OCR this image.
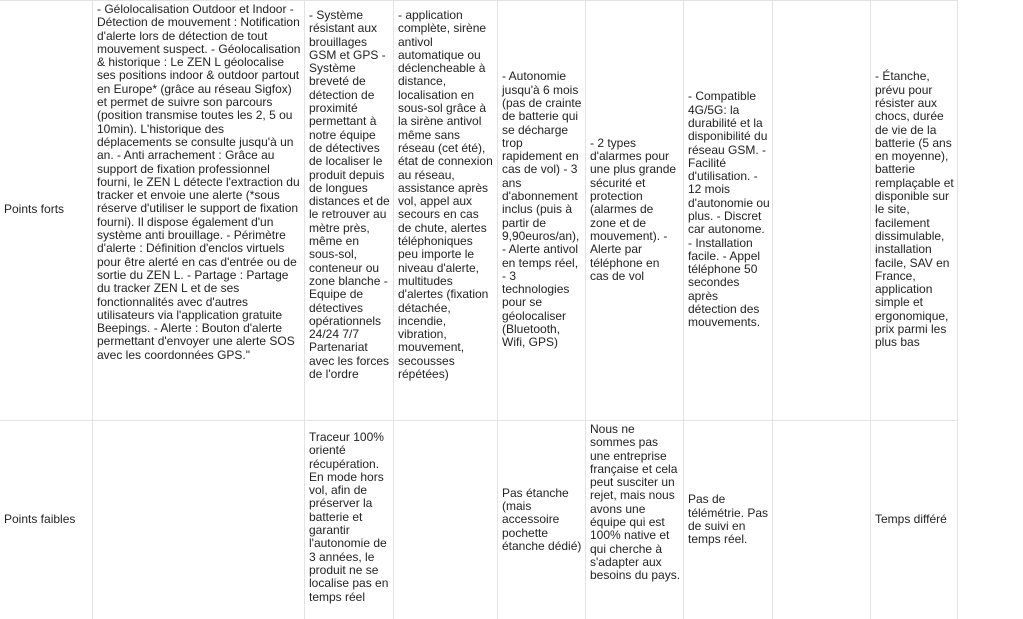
Points forts
- Gélolocalisation Outdoor et Indoor - Détection de mouvement : Notification d'alerte lors de détection de tout mouvement suspect. - Géolocalisation & historique : Le ZEN L géolocalise ses positions indoor & outdoor partout en Europe* (grâce au réseau Sigfox) et permet de suivre son parcours (position transmise toutes les 2, 5 ou 10min). L'historique des déplacements se consulte jusqu'à un an. - Anti arrachement : Grâce au support de fixation professionnel fourni, le ZEN L détecte l'extraction du tracker et envoie une alerte (*sous réserve d'utiliser le support de fixation fourni). Il dispose également d'un système anti brouillage. - Périmètre d'alerte : Définition d'enclos virtuels pour être alerté en cas d'entrée ou de sortie du ZEN L. - Partage : Partage du tracker ZEN L et de ses fonctionnalités avec d'autres utilisateurs via l'application gratuite Beepings. - Alerte : Bouton d'alerte permettant d'envoyer une alerte SOS avec les coordonnées GPS."
- Système résistant aux brouillages GSM et GPS - Système breveté de détection de proximité permettant à notre équipe de détectives de localiser le produit depuis de longues distances et de le retrouver au mètre près, même en sous-sol, conteneur ou zone blanche - Equipe de détectives opérationnels 24/24 7/7 Partenariat avec les forces de l'ordre
- application complète, sirène antivol automatique ou déclencheable à distance, localisation en sous-sol grâce à la sirène antivol même sans réseau (cet été), état de connexion au réseau, assistance après vol, appel aux secours en cas de chute, alertes téléphoniques peu importe le niveau d'alerte, multitudes d'alertes (fixation détachée, incendie, vibration, mouvement, secousses répétées)
- Autonomie jusqu'à 6 mois (pas de crainte de batterie qui se décharge trop rapidement en cas de vol) - 3 ans d'abonnement inclus (puis à partir de 9,90euros/an), - Alerte antivol en temps réel, - 3 technologies pour se géolocaliser (Bluetooth, Wifi, GPS)
- 2 types d'alarmes pour une plus grande sécurité et protection (alarmes de zone et de mouvement). - Alerte par téléphone en cas de vol
- Compatible 4G/5G: la durabilité et la disponibilité du réseau GSM. - Facilité d'utilisation. - 12 mois d'autonomie ou plus. - Discret car autonome. - Installation facile. - Appel téléphone 50 secondes après détection des mouvements.
- Étanche, prévu pour résister aux chocs, durée de vie de la batterie (5 ans en moyenne), batterie remplaçable et disponible sur le site, facilement dissimulable, installation facile, SAV en France, application simple et ergonomique, prix parmi les plus bas
Points faibles
Traceur 100% orienté récupération. En mode hors vol, afin de préserver la batterie et garantir l'autonomie de 3 années, le produit ne se localise pas en temps réel
Pas étanche (mais accessoire pochette étanche dédié)
Nous ne sommes pas une entreprise française et cela peut susciter un rejet, mais nous avons une équipe qui est 100% native et qui cherche à s'adapter aux besoins du pays.
Pas de télémétrie. Pas de suivi en temps réel.
Temps différé
